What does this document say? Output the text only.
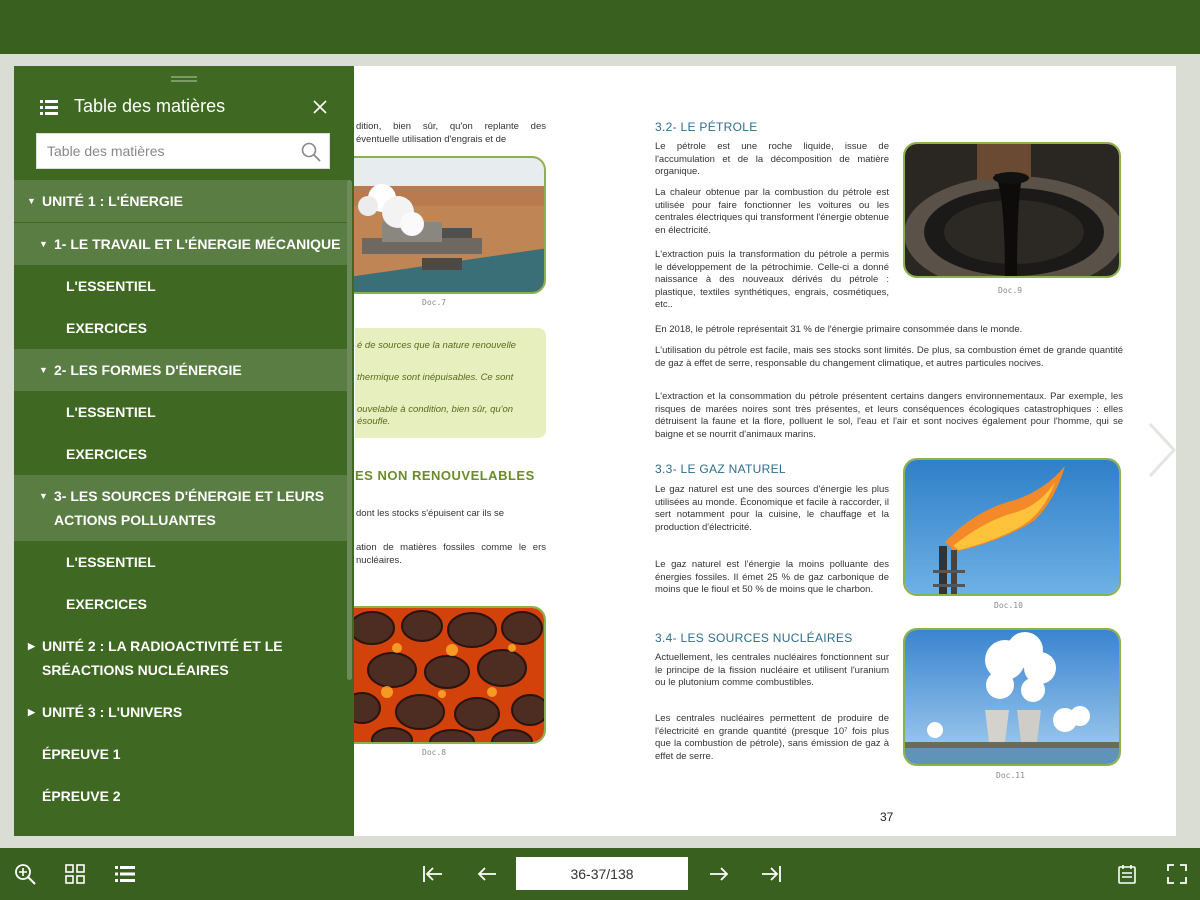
dition, bien sûr, qu'on replante des éventuelle utilisation d'engrais et de
Doc.7
é de sources que la nature renouvelle
thermique sont inépuisables. Ce sont
ouvelable à condition, bien sûr, qu'on
ésoufle.
ES NON RENOUVELABLES
dont les stocks s'épuisent car ils se
ation de matières fossiles comme le ers nucléaires.
Doc.8
3.2- LE PÉTROLE
Le pétrole est une roche liquide, issue de l'accumulation et de la décomposition de matière organique.
La chaleur obtenue par la combustion du pétrole est utilisée pour faire fonctionner les voitures ou les centrales électriques qui transforment l'énergie obtenue en électricité.
L'extraction puis la transformation du pétrole a permis le développement de la pétrochimie. Celle-ci a donné naissance à des nouveaux dérivés du pétrole : plastique, textiles synthétiques, engrais, cosmétiques, etc..
Doc.9
En 2018, le pétrole représentait 31 % de l'énergie primaire consommée dans le monde.
L'utilisation du pétrole est facile, mais ses stocks sont limités. De plus, sa combustion émet de grande quantité de gaz à effet de serre, responsable du changement climatique, et autres particules nocives.
L'extraction et la consommation du pétrole présentent certains dangers environnementaux. Par exemple, les risques de marées noires sont très présentes, et leurs conséquences écologiques catastrophiques : elles détruisent la faune et la flore, polluent le sol, l'eau et l'air et sont nocives également pour l'homme, qui se baigne et se nourrit d'animaux marins.
3.3- LE GAZ NATUREL
Le gaz naturel est une des sources d'énergie les plus utilisées au monde. Économique et facile à raccorder, il sert notamment pour la cuisine, le chauffage et la production d'électricité.
Le gaz naturel est l'énergie la moins polluante des énergies fossiles. Il émet 25 % de gaz carbonique de moins que le fioul et 50 % de moins que le charbon.
Doc.10
3.4- LES SOURCES NUCLÉAIRES
Actuellement, les centrales nucléaires fonctionnent sur le principe de la fission nucléaire et utilisent l'uranium ou le plutonium comme combustibles.
Les centrales nucléaires permettent de produire de l'électricité en grande quantité (presque 10⁷ fois plus que la combustion de pétrole), sans émission de gaz à effet de serre.
Doc.11
37
Table des matières
Table des matières
▼ UNITÉ 1 : L'ÉNERGIE
▼ 1- LE TRAVAIL ET L'ÉNERGIE MÉCANIQUE
L'ESSENTIEL
EXERCICES
▼ 2- LES FORMES D'ÉNERGIE
L'ESSENTIEL
EXERCICES
▼ 3- LES SOURCES D'ÉNERGIE ET LEURS ACTIONS POLLUANTES
L'ESSENTIEL
EXERCICES
▶ UNITÉ 2 : LA RADIOACTIVITÉ ET LE SRÉACTIONS NUCLÉAIRES
▶ UNITÉ 3 : L'UNIVERS
ÉPREUVE 1
ÉPREUVE 2
36-37/138
